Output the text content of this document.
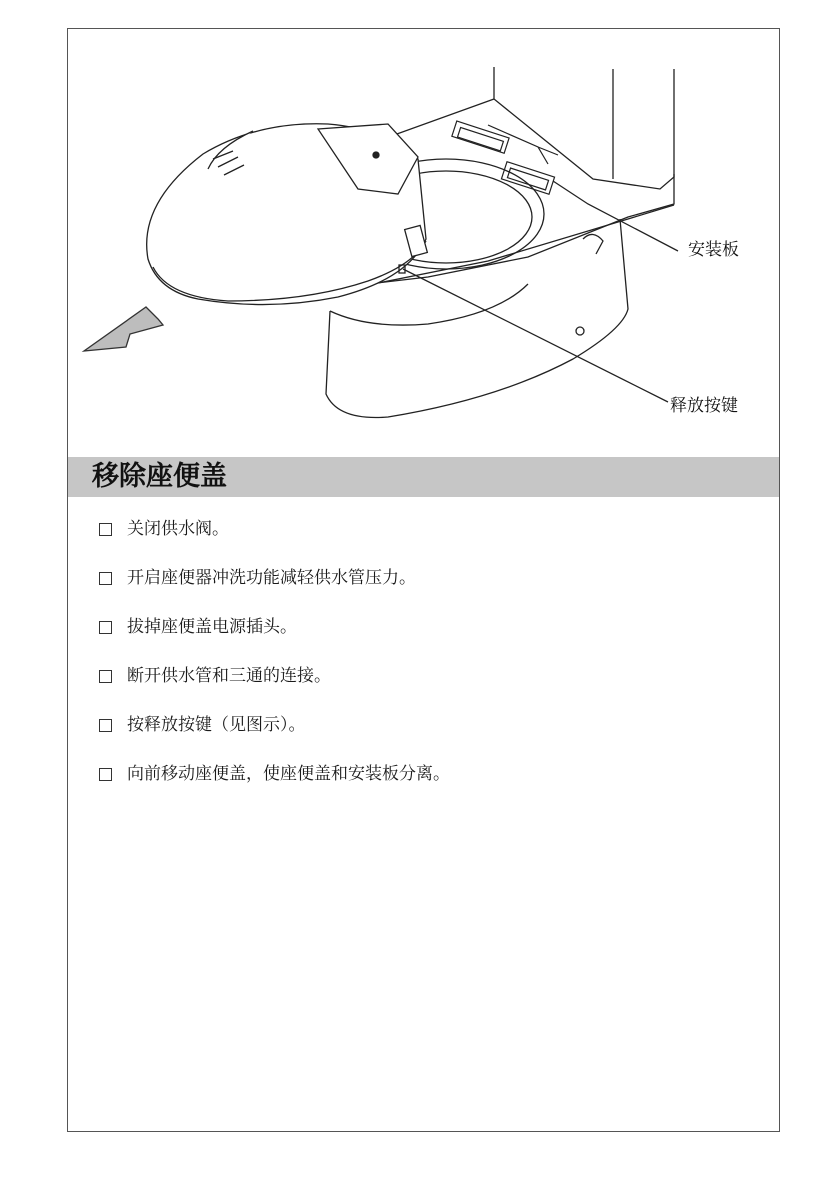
安装板
释放按键
移除座便盖
关闭供水阀。
开启座便器冲洗功能减轻供水管压力。
拔掉座便盖电源插头。
断开供水管和三通的连接。
按释放按键（见图示）。
向前移动座便盖，使座便盖和安装板分离。
